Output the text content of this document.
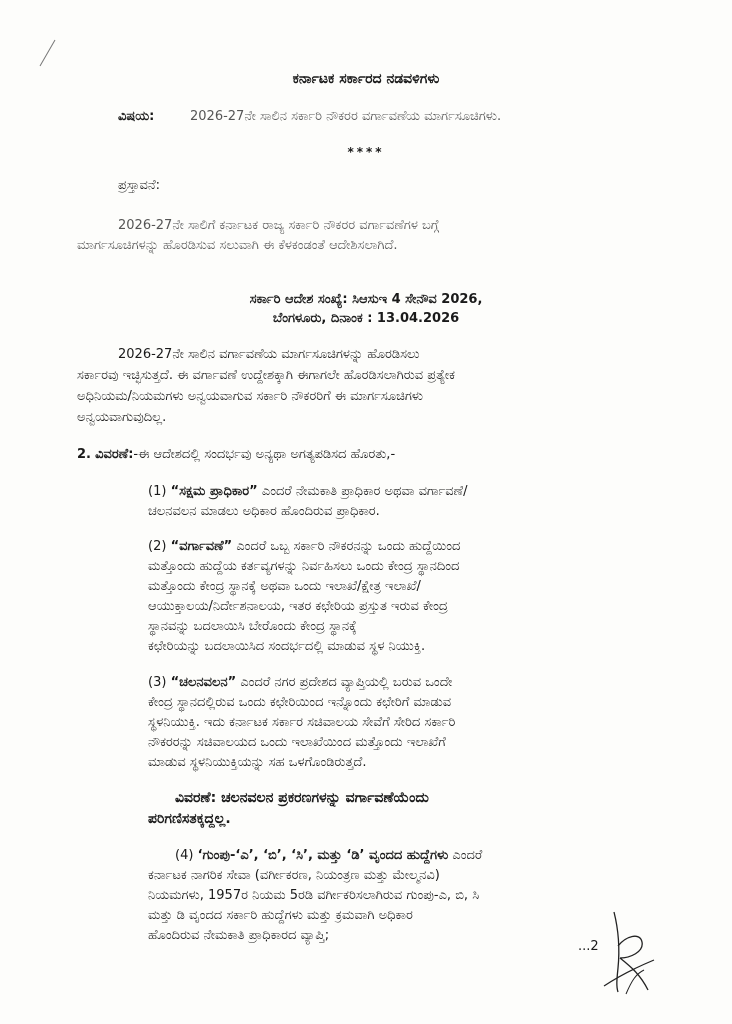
ಕರ್ನಾಟಕ ಸರ್ಕಾರದ ನಡವಳಿಗಳು
ವಿಷಯ:	2026-27ನೇ ಸಾಲಿನ ಸರ್ಕಾರಿ ನೌಕರರ ವರ್ಗಾವಣೆಯ ಮಾರ್ಗಸೂಚಿಗಳು.
****
ಪ್ರಸ್ತಾವನೆ:
2026-27ನೇ ಸಾಲಿಗೆ ಕರ್ನಾಟಕ ರಾಜ್ಯ ಸರ್ಕಾರಿ ನೌಕರರ ವರ್ಗಾವಣೆಗಳ ಬಗ್ಗೆ
ಮಾರ್ಗಸೂಚಿಗಳನ್ನು ಹೊರಡಿಸುವ ಸಲುವಾಗಿ ಈ ಕೆಳಕಂಡಂತೆ ಆದೇಶಿಸಲಾಗಿದೆ.
ಸರ್ಕಾರಿ ಆದೇಶ ಸಂಖ್ಯೆ: ಸಿಆಸುಇ 4 ಸೇನೌವ 2026,
ಬೆಂಗಳೂರು, ದಿನಾಂಕ : 13.04.2026
2026-27ನೇ ಸಾಲಿನ ವರ್ಗಾವಣೆಯ ಮಾರ್ಗಸೂಚಿಗಳನ್ನು ಹೊರಡಿಸಲು
ಸರ್ಕಾರವು ಇಚ್ಛಿಸುತ್ತದೆ. ಈ ವರ್ಗಾವಣೆ ಉದ್ದೇಶಕ್ಕಾಗಿ ಈಗಾಗಲೇ ಹೊರಡಿಸಲಾಗಿರುವ ಪ್ರತ್ಯೇಕ
ಅಧಿನಿಯಮ/ನಿಯಮಗಳು ಅನ್ವಯವಾಗುವ ಸರ್ಕಾರಿ ನೌಕರರಿಗೆ ಈ ಮಾರ್ಗಸೂಚಿಗಳು
ಅನ್ವಯವಾಗುವುದಿಲ್ಲ.
2. ವಿವರಣೆ:-ಈ ಆದೇಶದಲ್ಲಿ ಸಂದರ್ಭವು ಅನ್ಯಥಾ ಅಗತ್ಯಪಡಿಸದ ಹೊರತು,-
(1) “ಸಕ್ಷಮ ಪ್ರಾಧಿಕಾರ” ಎಂದರೆ ನೇಮಕಾತಿ ಪ್ರಾಧಿಕಾರ ಅಥವಾ ವರ್ಗಾವಣೆ/
ಚಲನವಲನ ಮಾಡಲು ಅಧಿಕಾರ ಹೊಂದಿರುವ ಪ್ರಾಧಿಕಾರ.
(2) “ವರ್ಗಾವಣೆ” ಎಂದರೆ ಒಬ್ಬ ಸರ್ಕಾರಿ ನೌಕರನನ್ನು ಒಂದು ಹುದ್ದೆಯಿಂದ
ಮತ್ತೊಂದು ಹುದ್ದೆಯ ಕರ್ತವ್ಯಗಳನ್ನು ನಿರ್ವಹಿಸಲು ಒಂದು ಕೇಂದ್ರ ಸ್ಥಾನದಿಂದ
ಮತ್ತೊಂದು ಕೇಂದ್ರ ಸ್ಥಾನಕ್ಕೆ ಅಥವಾ ಒಂದು ಇಲಾಖೆ/ಕ್ಷೇತ್ರ ಇಲಾಖೆ/
ಆಯುಕ್ತಾಲಯ/ನಿರ್ದೇಶನಾಲಯ, ಇತರ ಕಛೇರಿಯ ಪ್ರಸ್ತುತ ಇರುವ ಕೇಂದ್ರ
ಸ್ಥಾನವನ್ನು ಬದಲಾಯಿಸಿ ಬೇರೊಂದು ಕೇಂದ್ರ ಸ್ಥಾನಕ್ಕೆ
ಕಛೇರಿಯನ್ನು ಬದಲಾಯಿಸಿದ ಸಂದರ್ಭದಲ್ಲಿ ಮಾಡುವ ಸ್ಥಳ ನಿಯುಕ್ತಿ.
(3) “ಚಲನವಲನ” ಎಂದರೆ ನಗರ ಪ್ರದೇಶದ ವ್ಯಾಪ್ತಿಯಲ್ಲಿ ಬರುವ ಒಂದೇ
ಕೇಂದ್ರ ಸ್ಥಾನದಲ್ಲಿರುವ ಒಂದು ಕಛೇರಿಯಿಂದ ಇನ್ನೊಂದು ಕಛೇರಿಗೆ ಮಾಡುವ
ಸ್ಥಳನಿಯುಕ್ತಿ. ಇದು ಕರ್ನಾಟಕ ಸರ್ಕಾರ ಸಚಿವಾಲಯ ಸೇವೆಗೆ ಸೇರಿದ ಸರ್ಕಾರಿ
ನೌಕರರನ್ನು ಸಚಿವಾಲಯದ ಒಂದು ಇಲಾಖೆಯಿಂದ ಮತ್ತೊಂದು ಇಲಾಖೆಗೆ
ಮಾಡುವ ಸ್ಥಳನಿಯುಕ್ತಿಯನ್ನು ಸಹ ಒಳಗೊಂಡಿರುತ್ತದೆ.
ವಿವರಣೆ: ಚಲನವಲನ ಪ್ರಕರಣಗಳನ್ನು ವರ್ಗಾವಣೆಯೆಂದು
ಪರಿಗಣಿಸತಕ್ಕದ್ದಲ್ಲ.
(4) ‘ಗುಂಪು-‘ಎ’, ‘ಬಿ’, ‘ಸಿ’, ಮತ್ತು ‘ಡಿ’ ವೃಂದದ ಹುದ್ದೆಗಳು ಎಂದರೆ
ಕರ್ನಾಟಕ ನಾಗರಿಕ ಸೇವಾ (ವರ್ಗೀಕರಣ, ನಿಯಂತ್ರಣ ಮತ್ತು ಮೇಲ್ಮನವಿ)
ನಿಯಮಗಳು, 1957ರ ನಿಯಮ 5ರಡಿ ವರ್ಗೀಕರಿಸಲಾಗಿರುವ ಗುಂಪು-ಎ, ಬಿ, ಸಿ
ಮತ್ತು ಡಿ ವೃಂದದ ಸರ್ಕಾರಿ ಹುದ್ದೆಗಳು ಮತ್ತು ಕ್ರಮವಾಗಿ ಅಧಿಕಾರ
ಹೊಂದಿರುವ ನೇಮಕಾತಿ ಪ್ರಾಧಿಕಾರದ ವ್ಯಾಪ್ತಿ;
...2
